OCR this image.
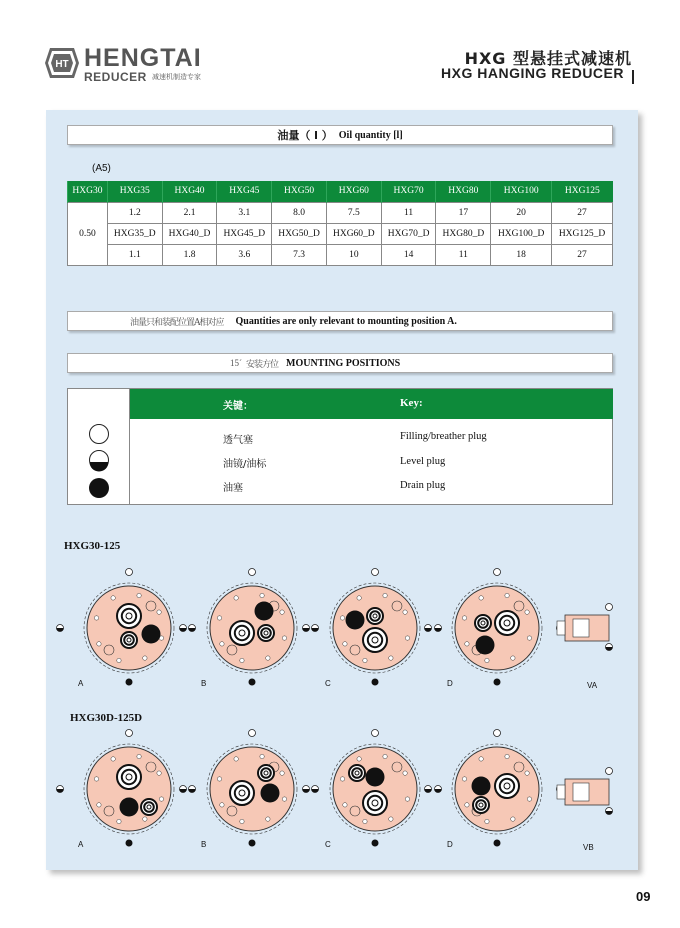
HT HENGTAI
REDUCER 减速机制造专家
HXG 型悬挂式减速机
HXG HANGING REDUCER
油量（ l ） Oil quantity [l]
(A5)
HXG30	HXG35	HXG40	HXG45	HXG50	HXG60	HXG70	HXG80	HXG100	HXG125
0.50	1.2	2.1	3.1	8.0	7.5	11	17	20	27
	HXG35_D	HXG40_D	HXG45_D	HXG50_D	HXG60_D	HXG70_D	HXG80_D	HXG100_D	HXG125_D
	1.1	1.8	3.6	7.3	10	14	11	18	27
油量只和装配位置A相对应 Quantities are only relevant to mounting position A.
15´ 安装方位 MOUNTING POSITIONS
关键：	Key:
透气塞	Filling/breather plug
油镜/油标	Level plug
油塞	Drain plug
HXG30-125
HXG30D-125D
A	B	C	D	VA
A	B	C	D	VB
09
